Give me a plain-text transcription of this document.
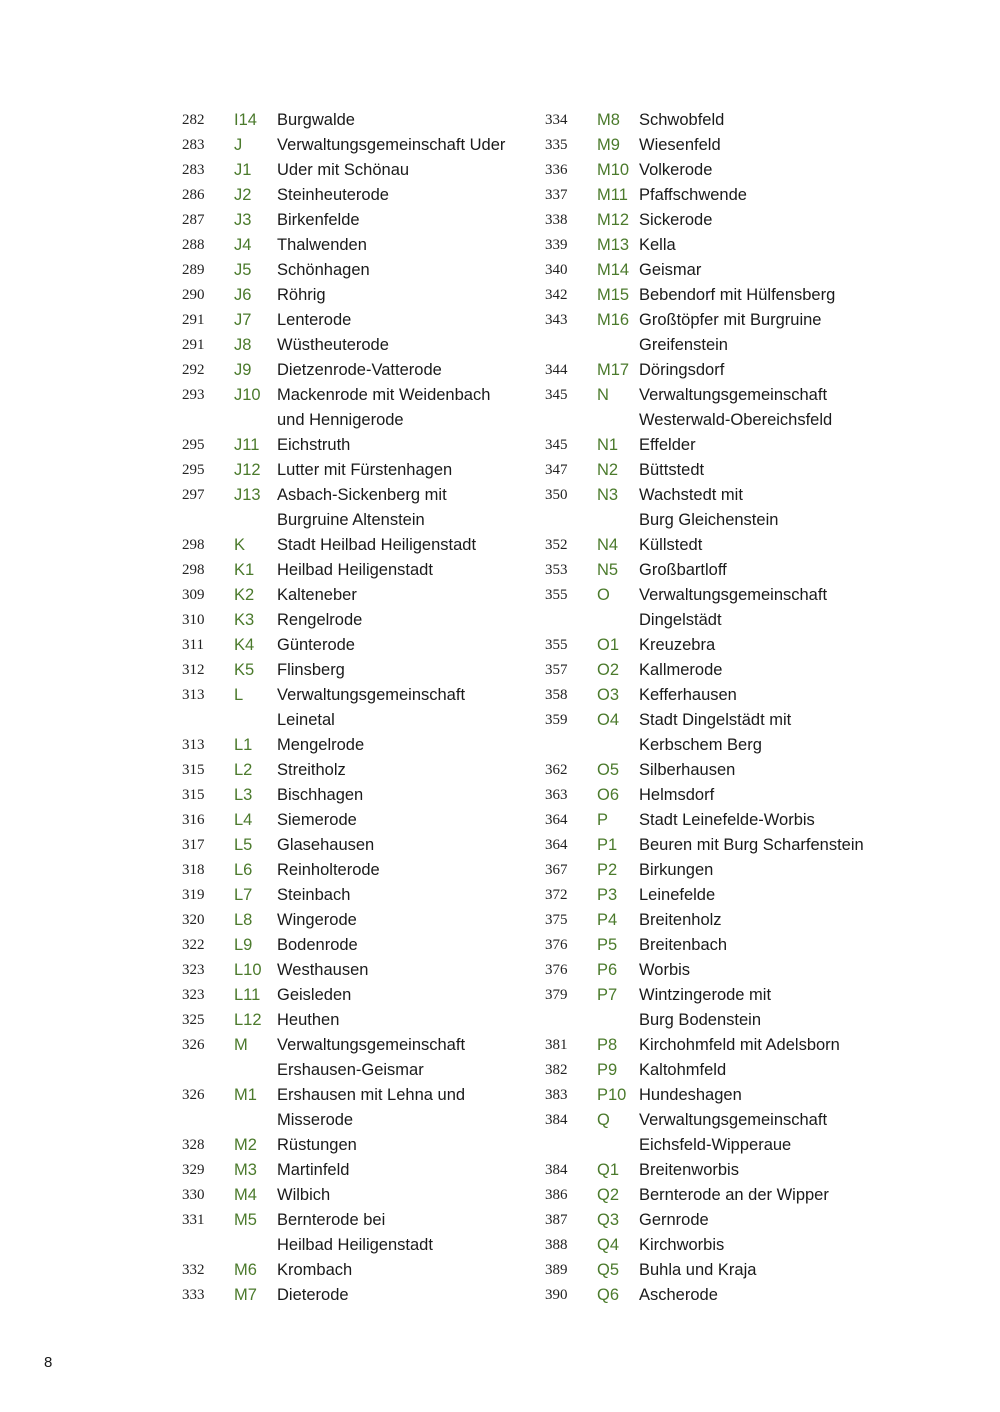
282	I14	Burgwalde
283	J	Verwaltungsgemeinschaft Uder
283	J1	Uder mit Schönau
286	J2	Steinheuterode
287	J3	Birkenfelde
288	J4	Thalwenden
289	J5	Schönhagen
290	J6	Röhrig
291	J7	Lenterode
291	J8	Wüstheuterode
292	J9	Dietzenrode-Vatterode
293	J10 Mackenrode mit Weidenbach
und Hennigerode
295	J11	Eichstruth
295	J12 Lutter mit Fürstenhagen
297	J13 Asbach-Sickenberg mit
Burgruine Altenstein
298	K	Stadt Heilbad Heiligenstadt
298	K1	Heilbad Heiligenstadt
309	K2	Kalteneber
310	K3	Rengelrode
311	K4	Günterode
312	K5	Flinsberg
313	L	Verwaltungsgemeinschaft
Leinetal
313	L1	Mengelrode
315	L2	Streitholz
315	L3	Bischhagen
316	L4	Siemerode
317	L5	Glasehausen
318	L6	Reinholterode
319	L7	Steinbach
320	L8	Wingerode
322	L9	Bodenrode
323	L10 Westhausen
323	L11	Geisleden
325	L12 Heuthen
326	M	Verwaltungsgemeinschaft
Ershausen-Geismar
326	M1	Ershausen mit Lehna und
Misserode
328	M2	Rüstungen
329	M3	Martinfeld
330	M4	Wilbich
331	M5	Bernterode bei
Heilbad Heiligenstadt
332	M6	Krombach
333	M7	Dieterode
334	M8	Schwobfeld
335	M9	Wiesenfeld
336	M10 Volkerode
337	M11 Pfaffschwende
338	M12 Sickerode
339	M13 Kella
340	M14 Geismar
342	M15 Bebendorf mit Hülfensberg
343	M16 Großtöpfer mit Burgruine
Greifenstein
344	M17 Döringsdorf
345	N	Verwaltungsgemeinschaft
Westerwald-Obereichsfeld
345	N1	Effelder
347	N2	Büttstedt
350	N3	Wachstedt mit
Burg Gleichenstein
352	N4	Küllstedt
353	N5	Großbartloff
355	O	Verwaltungsgemeinschaft
Dingelstädt
355	O1	Kreuzebra
357	O2	Kallmerode
358	O3	Kefferhausen
359	O4	Stadt Dingelstädt mit
Kerbschem Berg
362	O5	Silberhausen
363	O6	Helmsdorf
364	P	Stadt Leinefelde-Worbis
364	P1	Beuren mit Burg Scharfenstein
367	P2	Birkungen
372	P3	Leinefelde
375	P4	Breitenholz
376	P5	Breitenbach
376	P6	Worbis
379	P7	Wintzingerode mit
Burg Bodenstein
381	P8	Kirchohmfeld mit Adelsborn
382	P9	Kaltohmfeld
383	P10 Hundeshagen
384	Q	Verwaltungsgemeinschaft
Eichsfeld-Wipperaue
384	Q1	Breitenworbis
386	Q2	Bernterode an der Wipper
387	Q3	Gernrode
388	Q4	Kirchworbis
389	Q5	Buhla und Kraja
390	Q6	Ascherode
8
